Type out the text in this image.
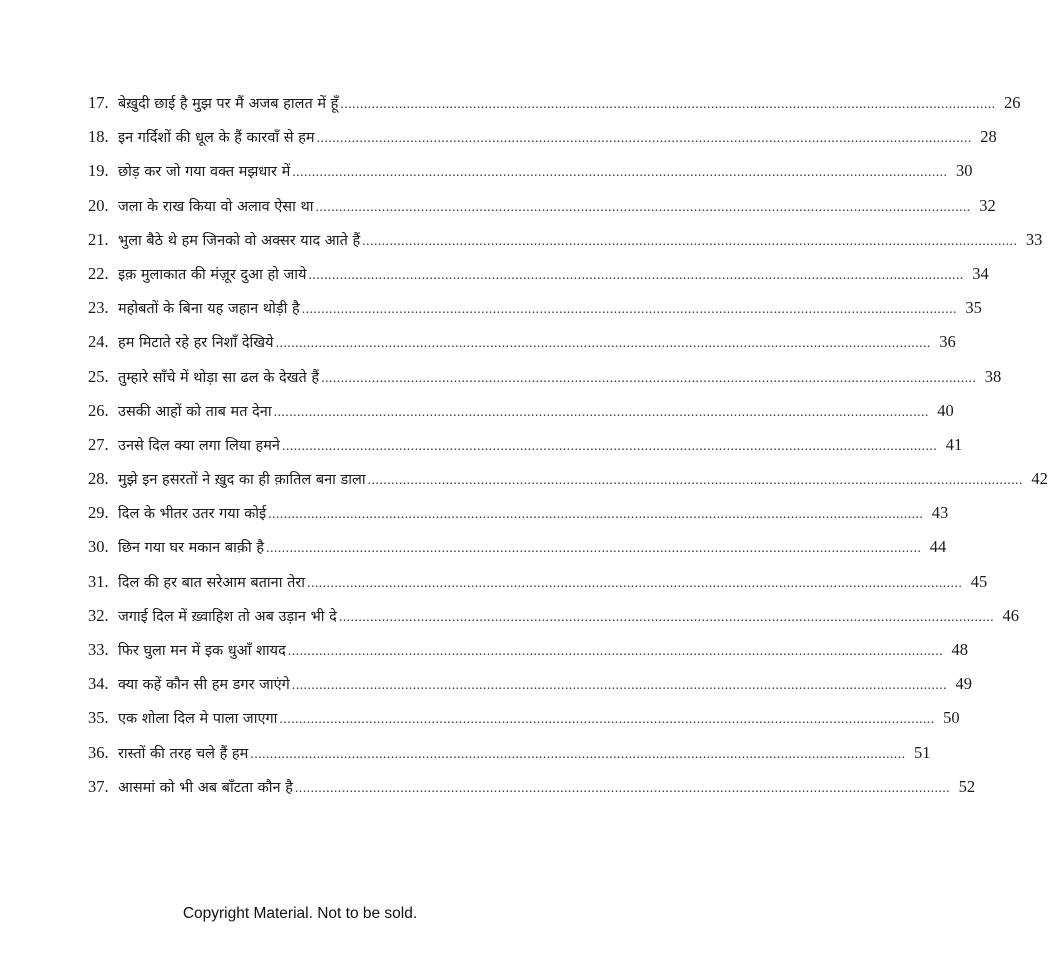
17. बेख़ुदी छाई है मुझ पर मैं अजब हालत में हूँ .....	26
18. इन गर्दिशों की धूल के हैं कारवाँ से हम .....	28
19. छोड़ कर जो गया वक्त मझधार में .....	30
20. जला के राख किया वो अलाव ऐसा था .....	32
21. भुला बैठे थे हम जिनको वो अक्सर याद आते हैं .....	33
22. इक़ मुलाकात की मंज़ूर दुआ हो जाये .....	34
23. महोबतों के बिना यह जहान थोड़ी है .....	35
24. हम मिटाते रहे हर निशाँ देखिये .....	36
25. तुम्हारे साँचे में थोड़ा सा ढल के देखते हैं .....	38
26. उसकी आहों को ताब मत देना .....	40
27. उनसे दिल क्या लगा लिया हमने .....	41
28. मुझे इन हसरतों ने ख़ुद का ही क़ातिल बना डाला .....	42
29. दिल के भीतर उतर गया कोई .....	43
30. छिन गया घर मकान बाक़ी है .....	44
31. दिल की हर बात सरेआम बताना तेरा .....	45
32. जगाई दिल में ख़्वाहिश तो अब उड़ान भी दे .....	46
33. फिर घुला मन में इक धुआँ शायद .....	48
34. क्या कहें कौन सी हम डगर जाएंगे .....	49
35. एक शोला दिल मे पाला जाएगा .....	50
36. रास्तों की तरह चले हैं हम .....	51
37. आसमां को भी अब बाँटता कौन है .....	52
Copyright Material. Not to be sold.
